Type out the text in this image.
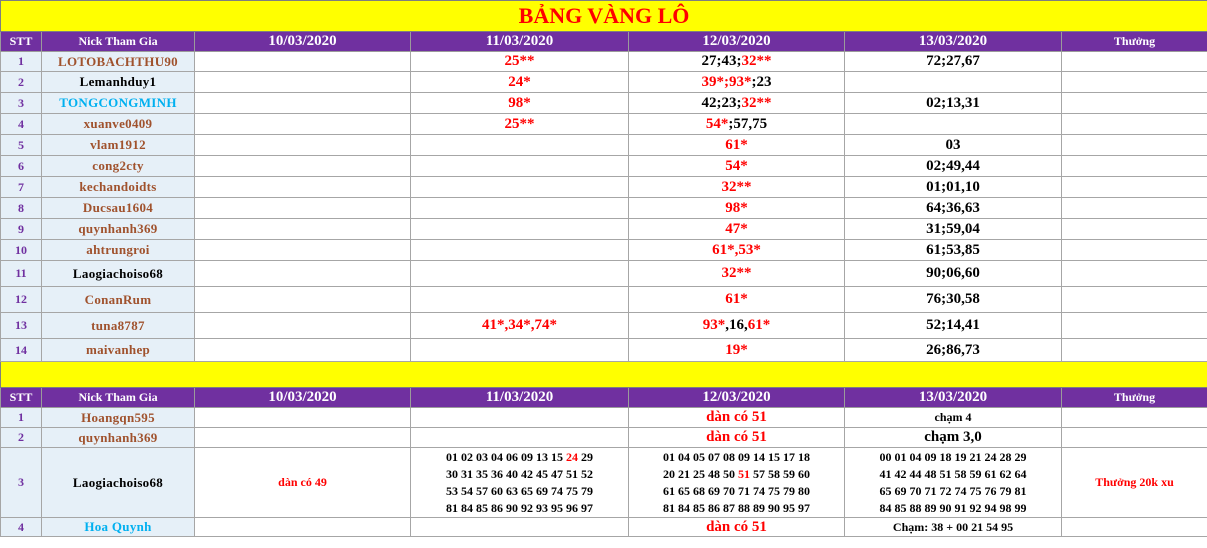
BẢNG VÀNG LÔ						
STT	Nick Tham Gia	10/03/2020	11/03/2020	12/03/2020	13/03/2020	Thưởng
1	LOTOBACHTHU90		25**	27;43;32**	72;27,67	
2	Lemanhduy1		24*	39*;93*;23		
3	TONGCONGMINH		98*	42;23;32**	02;13,31	
4	xuanve0409		25**	54*;57,75		
5	vlam1912			61*	03	
6	cong2cty			54*	02;49,44	
7	kechandoidts			32**	01;01,10	
8	Ducsau1604			98*	64;36,63	
9	quynhanh369			47*	31;59,04	
10	ahtrungroi			61*,53*	61;53,85	
11	Laogiachoiso68			32**	90;06,60	
12	ConanRum			61*	76;30,58	
13	tuna8787		41*,34*,74*	93*,16,61*	52;14,41	
14	maivanhep			19*	26;86,73	

STT	Nick Tham Gia	10/03/2020	11/03/2020	12/03/2020	13/03/2020	Thưởng
1	Hoangqn595			dàn có 51	chạm 4	
2	quynhanh369			dàn có 51	chạm 3,0	
3	Laogiachoiso68	dàn có 49	01 02 03 04 06 09 13 15 24 29
30 31 35 36 40 42 45 47 51 52
53 54 57 60 63 65 69 74 75 79
81 84 85 86 90 92 93 95 96 97	01 04 05 07 08 09 14 15 17 18
20 21 25 48 50 51 57 58 59 60
61 65 68 69 70 71 74 75 79 80
81 84 85 86 87 88 89 90 95 97	00 01 04 09 18 19 21 24 28 29
41 42 44 48 51 58 59 61 62 64
65 69 70 71 72 74 75 76 79 81
84 85 88 89 90 91 92 94 98 99	Thưởng 20k xu
4	Hoa Quynh			dàn có 51	Chạm: 38 + 00 21 54 95	
